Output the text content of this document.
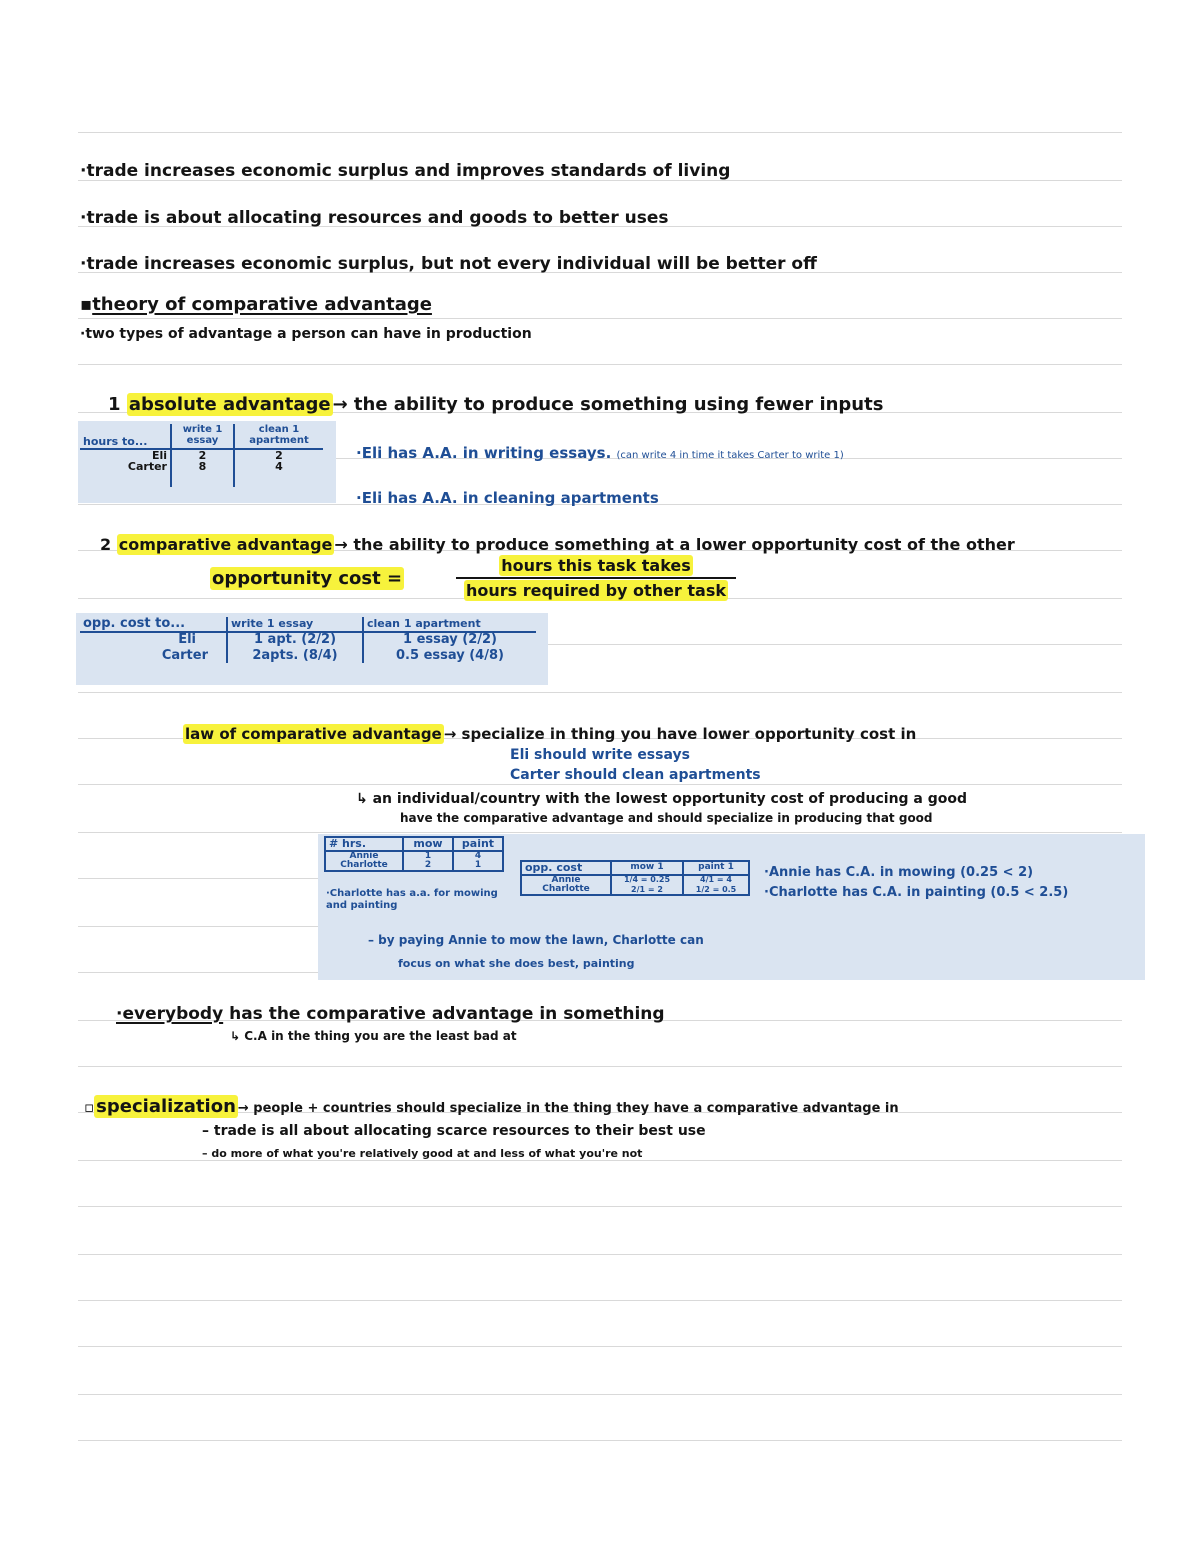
·trade increases economic surplus and improves standards of living
·trade is about allocating resources and goods to better uses
·trade increases economic surplus, but not every individual will be better off
▪theory of comparative advantage
·two types of advantage a person can have in production
1 absolute advantage → the ability to produce something using fewer inputs
hours to...	write 1 essay	clean 1 apartment
Eli	2	2
Carter	8	4
·Eli has A.A. in writing essays. (can write 4 in time it takes Carter to write 1)
·Eli has A.A. in cleaning apartments
2 comparative advantage → the ability to produce something at a lower opportunity cost of the other
opportunity cost =
hours this task takes
hours required by other task
opp. cost to...	write 1 essay	clean 1 apartment
Eli	1 apt. (2/2)	1 essay (2/2)
Carter	2apts. (8/4)	0.5 essay (4/8)
law of comparative advantage → specialize in thing you have lower opportunity cost in
Eli should write essays
Carter should clean apartments
↳ an individual/country with the lowest opportunity cost of producing a good
have the comparative advantage and should specialize in producing that good
# hrs.	mow	paint
Annie	1	4
Charlotte	2	1
·Charlotte has a.a. for mowing and painting
opp. cost	mow 1	paint 1
Annie	1/4 = 0.25	4/1 = 4
Charlotte	2/1 = 2	1/2 = 0.5
·Annie has C.A. in mowing (0.25 < 2)
·Charlotte has C.A. in painting (0.5 < 2.5)
– by paying Annie to mow the lawn, Charlotte can
focus on what she does best, painting
·everybody has the comparative advantage in something
↳ C.A in the thing you are the least bad at
▫ specialization → people + countries should specialize in the thing they have a comparative advantage in
– trade is all about allocating scarce resources to their best use
– do more of what you're relatively good at and less of what you're not
